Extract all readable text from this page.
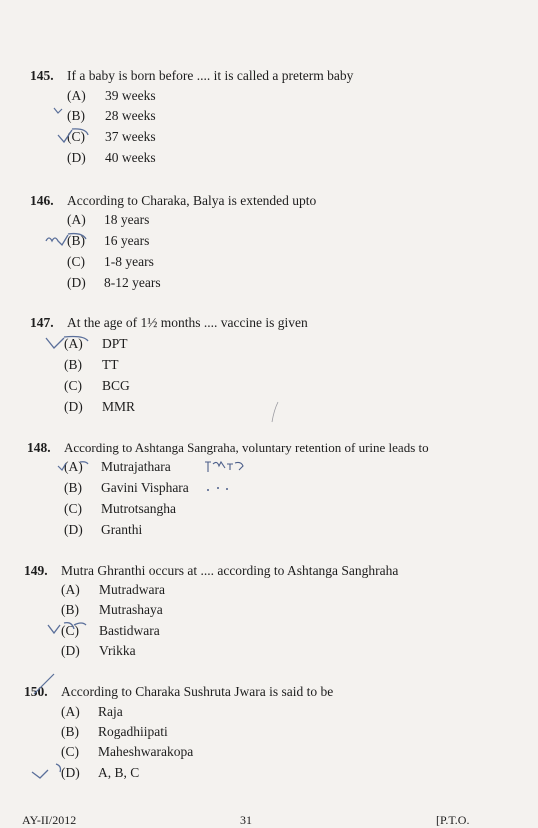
145. If a baby is born before .... it is called a preterm baby
(A) 39 weeks
(B) 28 weeks
(C) 37 weeks
(D) 40 weeks
146. According to Charaka, Balya is extended upto
(A) 18 years
(B) 16 years
(C) 1-8 years
(D) 8-12 years
147. At the age of 1½ months .... vaccine is given
(A) DPT
(B) TT
(C) BCG
(D) MMR
148. According to Ashtanga Sangraha, voluntary retention of urine leads to
(A) Mutrajathara
(B) Gavini Visphara
(C) Mutrotsangha
(D) Granthi
149. Mutra Ghranthi occurs at .... according to Ashtanga Sanghraha
(A) Mutradwara
(B) Mutrashaya
(C) Bastidwara
(D) Vrikka
150. According to Charaka Sushruta Jwara is said to be
(A) Raja
(B) Rogadhiipati
(C) Maheshwarakopa
(D) A, B, C
AY-II/2012	31	[P.T.O.
